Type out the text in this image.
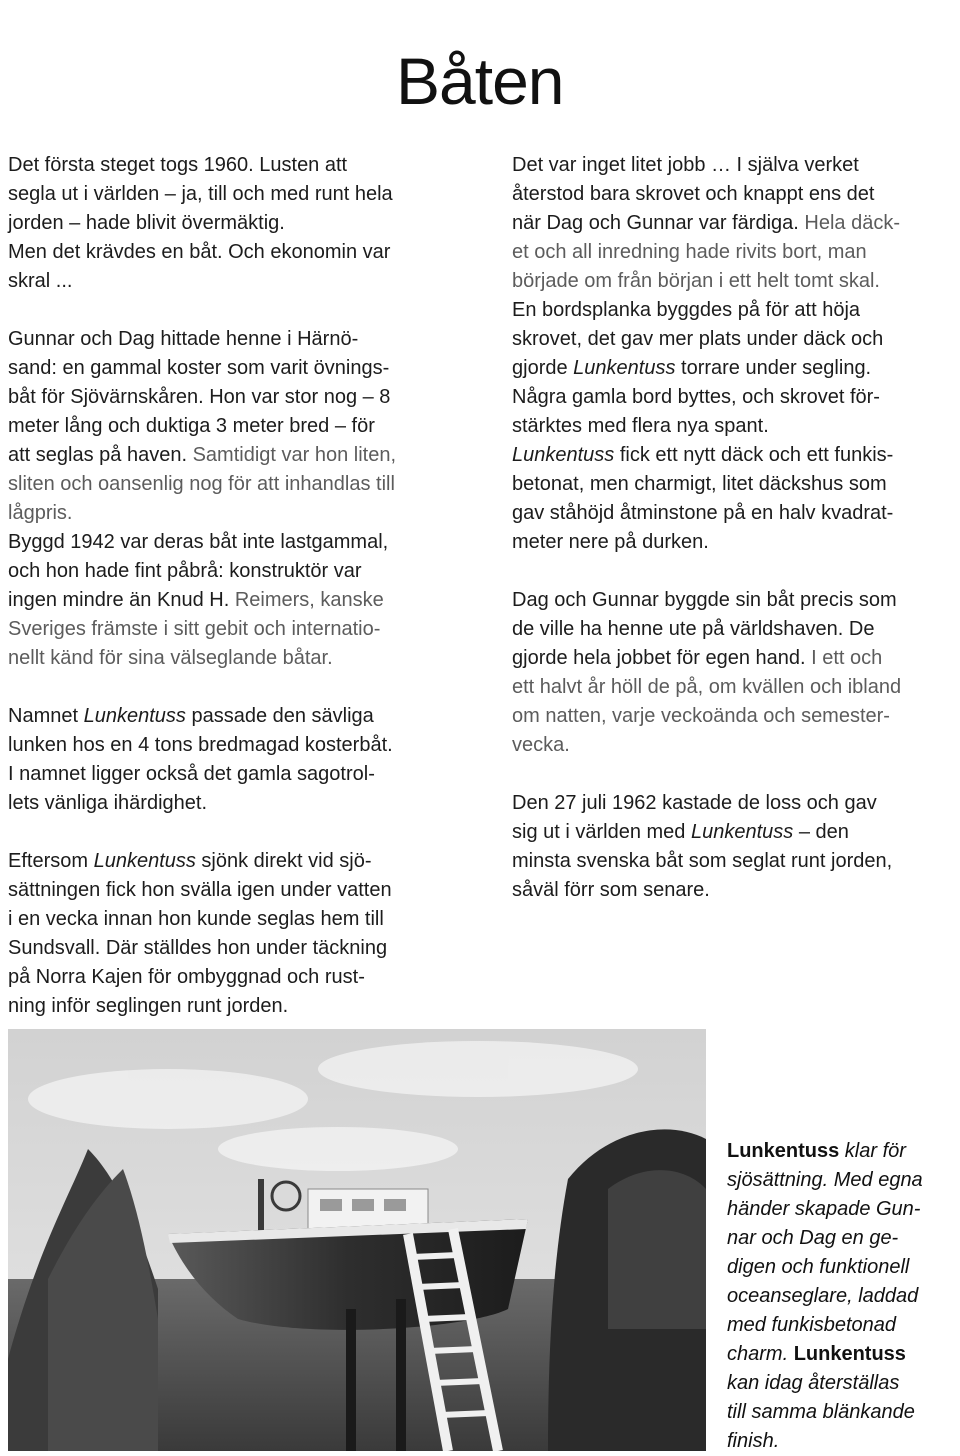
Båten
Det första steget togs 1960. Lusten att
segla ut i världen – ja, till och med runt hela
jorden – hade blivit övermäktig.
Men det krävdes en båt. Och ekonomin var
skral ...
Gunnar och Dag hittade henne i Härnö-
sand: en gammal koster som varit övnings-
båt för Sjövärnskåren. Hon var stor nog – 8
meter lång och duktiga 3 meter bred – för
att seglas på haven. Samtidigt var hon liten,
sliten och oansenlig nog för att inhandlas till
lågpris.
Byggd 1942 var deras båt inte lastgammal,
och hon hade fint påbrå: konstruktör var
ingen mindre än Knud H. Reimers, kanske
Sveriges främste i sitt gebit och internatio-
nellt känd för sina välseglande båtar.
Namnet Lunkentuss passade den sävliga
lunken hos en 4 tons bredmagad kosterbåt.
I namnet ligger också det gamla sagotrol-
lets vänliga ihärdighet.
Eftersom Lunkentuss sjönk direkt vid sjö-
sättningen fick hon svälla igen under vatten
i en vecka innan hon kunde seglas hem till
Sundsvall. Där ställdes hon under täckning
på Norra Kajen för ombyggnad och rust-
ning inför seglingen runt jorden.
Det var inget litet jobb … I själva verket
återstod bara skrovet och knappt ens det
när Dag och Gunnar var färdiga. Hela däck-
et och all inredning hade rivits bort, man
började om från början i ett helt tomt skal.
En bordsplanka byggdes på för att höja
skrovet, det gav mer plats under däck och
gjorde Lunkentuss torrare under segling.
Några gamla bord byttes, och skrovet för-
stärktes med flera nya spant.
Lunkentuss fick ett nytt däck och ett funkis-
betonat, men charmigt, litet däckshus som
gav ståhöjd åtminstone på en halv kvadrat-
meter nere på durken.
Dag och Gunnar byggde sin båt precis som
de ville ha henne ute på världshaven. De
gjorde hela jobbet för egen hand. I ett och
ett halvt år höll de på, om kvällen och ibland
om natten, varje veckoända och semester-
vecka.
Den 27 juli 1962 kastade de loss och gav
sig ut i världen med Lunkentuss – den
minsta svenska båt som seglat runt jorden,
såväl förr som senare.
Lunkentuss klar för
sjösättning. Med egna
händer skapade Gun-
nar och Dag en ge-
digen och funktionell
oceanseglare, laddad
med funkisbetonad
charm. Lunkentuss
kan idag återställas
till samma blänkande
finish.
